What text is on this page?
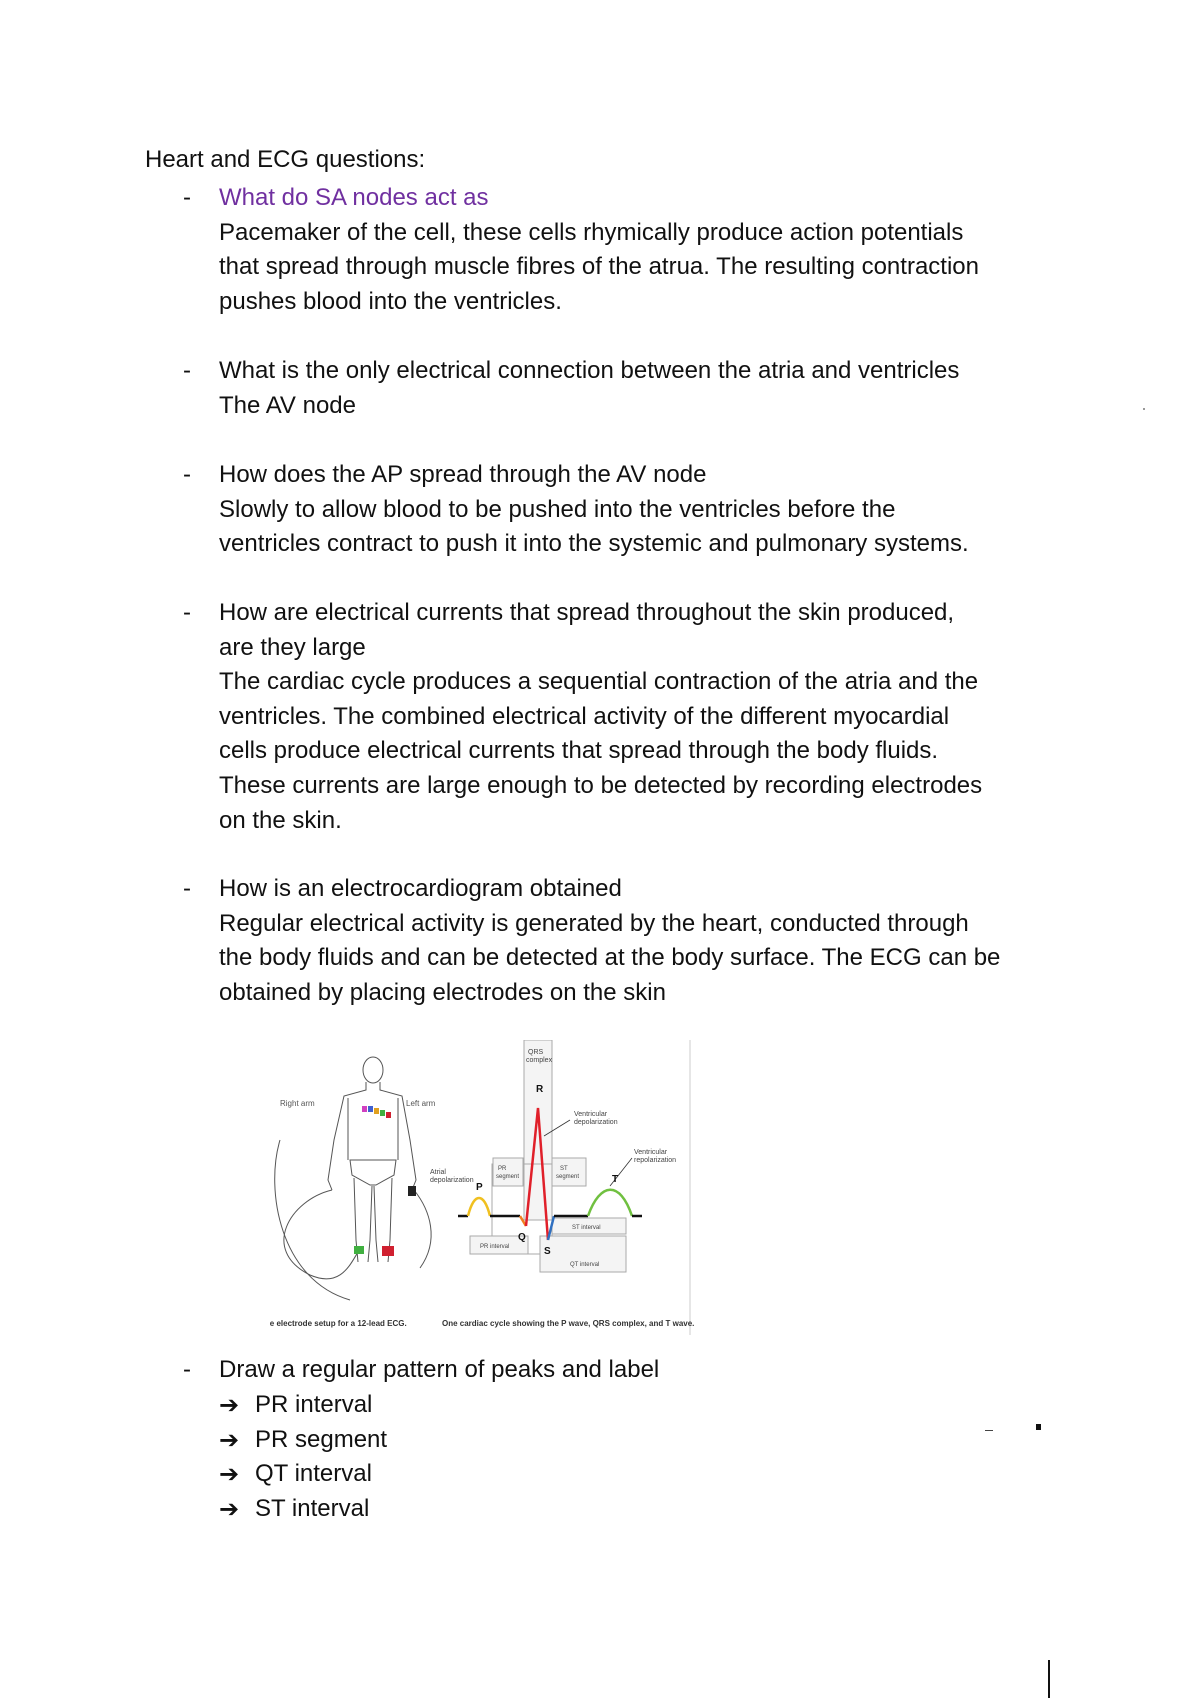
Heart and ECG questions:
-	What do SA nodes act as
Pacemaker of the cell, these cells rhymically produce action potentials
that spread through muscle fibres of the atrua. The resulting contraction
pushes blood into the ventricles.
-	What is the only electrical connection between the atria and ventricles
The AV node
-	How does the AP spread through the AV node
Slowly to allow blood to be pushed into the ventricles before the
ventricles contract to push it into the systemic and pulmonary systems.
-	How are electrical currents that spread throughout the skin produced,
are they large
The cardiac cycle produces a sequential contraction of the atria and the
ventricles. The combined electrical activity of the different myocardial
cells produce electrical currents that spread through the body fluids.
These currents are large enough to be detected by recording electrodes
on the skin.
-	How is an electrocardiogram obtained
Regular electrical activity is generated by the heart, conducted through
the body fluids and can be detected at the body surface. The ECG can be
obtained by placing electrodes on the skin
Right arm	Left arm
The electrode setup for a 12-lead ECG.
QRS
complex
R
Ventricular
depolarization
Ventricular
repolarization
Atrial
depolarization
P
PR
segment
ST
segment	T
Q
S
ST interval
PR interval
QT interval
One cardiac cycle showing the P wave, QRS complex, and T wave.
-	Draw a regular pattern of peaks and label
➔ PR interval
➔ PR segment
➔ QT interval
➔ ST interval
